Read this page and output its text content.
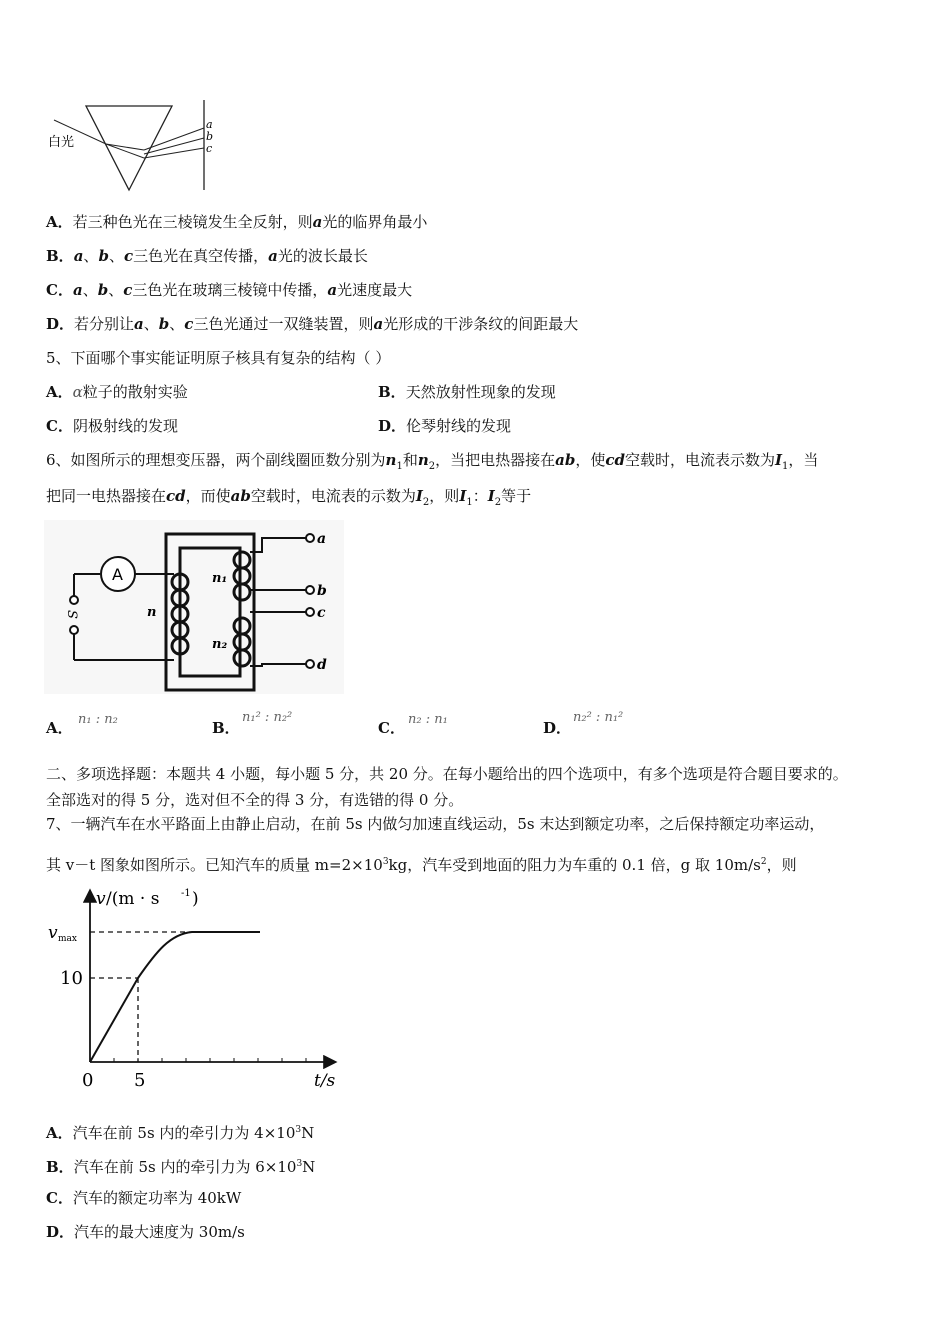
白光
a
b
c
A．若三种色光在三棱镜发生全反射，则a光的临界角最小
B．a、b、c三色光在真空传播，a光的波长最长
C．a、b、c三色光在玻璃三棱镜中传播，a光速度最大
D．若分别让a、b、c三色光通过一双缝装置，则a光形成的干涉条纹的间距最大
5、下面哪个事实能证明原子核具有复杂的结构（ ）
A．α粒子的散射实验	B．天然放射性现象的发现
C．阴极射线的发现	D．伦琴射线的发现
6、如图所示的理想变压器，两个副线圈匝数分别为$n_1$和$n_2$，当把电热器接在ab，使cd空载时，电流表示数为$I_1$，当
把同一电热器接在cd，而使ab空载时，电流表的示数为$I_2$，则$I_1$：$I_2$等于
A
S	n
n₁
n₂
a
b
c
d
A． n₁ : n₂	B．
n₁² : n₂²
C． n₂ : n₁	D．
n₂² : n₁²
二、多项选择题：本题共 4 小题，每小题 5 分，共 20 分。在每小题给出的四个选项中，有多个选项是符合题目要求的。
全部选对的得 5 分，选对但不全的得 3 分，有选错的得 0 分。
7、一辆汽车在水平路面上由静止启动，在前 5s 内做匀加速直线运动，5s 末达到额定功率，之后保持额定功率运动，
其 v－t 图象如图所示。已知汽车的质量 $m=2\times 10^3kg$，汽车受到地面的阻力为车重的 0.1 倍，g 取 $10m/s^2$，则
v /(m · s -1 )
v max
10
0 5	t/s
A．汽车在前 5s 内的牵引力为 $4\times 10^3N$
B．汽车在前 5s 内的牵引力为 $6\times 10^3N$
C．汽车的额定功率为 40kW
D．汽车的最大速度为 30m/s
